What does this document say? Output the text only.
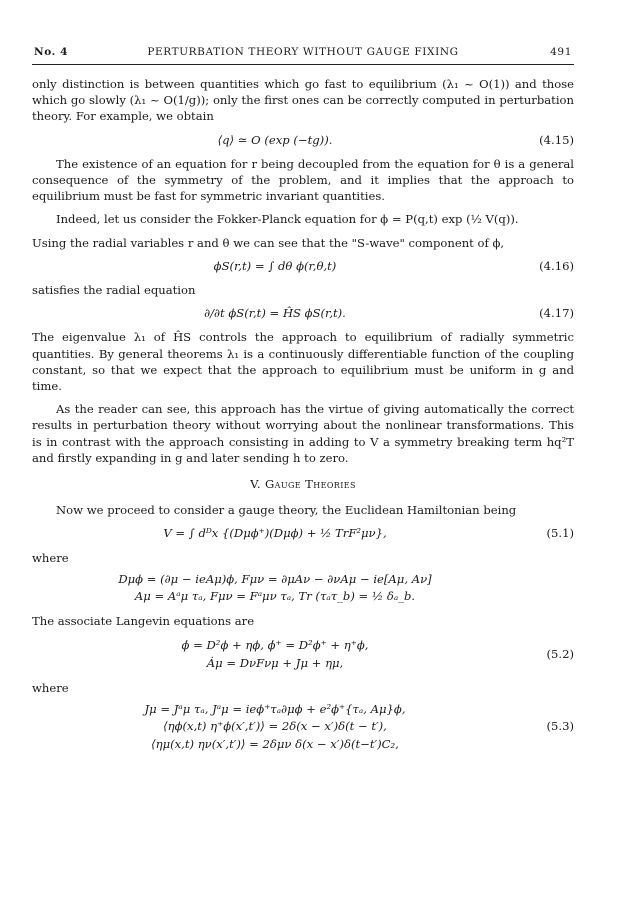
No. 4	PERTURBATION THEORY WITHOUT GAUGE FIXING	491

only distinction is between quantities which go fast to equilibrium (λ₁ ~ O(1)) and those which go slowly (λ₁ ~ O(1/g)); only the first ones can be correctly computed in perturbation theory. For example, we obtain

⟨q⟩ ≃ O (exp (−tg)).	(4.15)

The existence of an equation for r being decoupled from the equation for θ is a general consequence of the symmetry of the problem, and it implies that the approach to equilibrium must be fast for symmetric invariant quantities.

Indeed, let us consider the Fokker-Planck equation for ϕ = P(q,t) exp (½ V(q)).

Using the radial variables r and θ we can see that the "S-wave" component of ϕ,

ϕS(r,t) = ∫ dθ ϕ(r,θ,t)	(4.16)

satisfies the radial equation

∂/∂t ϕS(r,t) = ĤS ϕS(r,t).	(4.17)

The eigenvalue λ₁ of ĤS controls the approach to equilibrium of radially symmetric quantities. By general theorems λ₁ is a continuously differentiable function of the coupling constant, so that we expect that the approach to equilibrium must be uniform in g and time.

As the reader can see, this approach has the virtue of giving automatically the correct results in perturbation theory without worrying about the nonlinear transformations. This is in contrast with the approach consisting in adding to V a symmetry breaking term hq²T and firstly expanding in g and later sending h to zero.

V. Gauge Theories

Now we proceed to consider a gauge theory, the Euclidean Hamiltonian being

V = ∫ dᴰx {(Dμϕ⁺)(Dμϕ) + ½ TrF²μν},	(5.1)
where
Dμϕ = (∂μ − ieAμ)ϕ, Fμν = ∂μAν − ∂νAμ − ie[Aμ, Aν]
Aμ = Aᵃμ τₐ, Fμν = Fᵃμν τₐ, Tr (τₐτ_b) = ½ δₐ_b.

The associate Langevin equations are

ϕ̇ = D²ϕ + ηϕ, ϕ̇⁺ = D²ϕ⁺ + η⁺ϕ,
Ȧμ = DνFνμ + Jμ + ημ,
(5.2)
where
Jμ = Jᵃμ τₐ, Jᵃμ = ieϕ⁺τₐ∂μϕ + e²ϕ⁺{τₐ, Aμ}ϕ,
⟨ηϕ(x,t) η⁺ϕ(x′,t′)⟩ = 2δ(x − x′)δ(t − t′),
⟨ημ(x,t) ην(x′,t′)⟩ = 2δμν δ(x − x′)δ(t−t′)C₂,
(5.3)
